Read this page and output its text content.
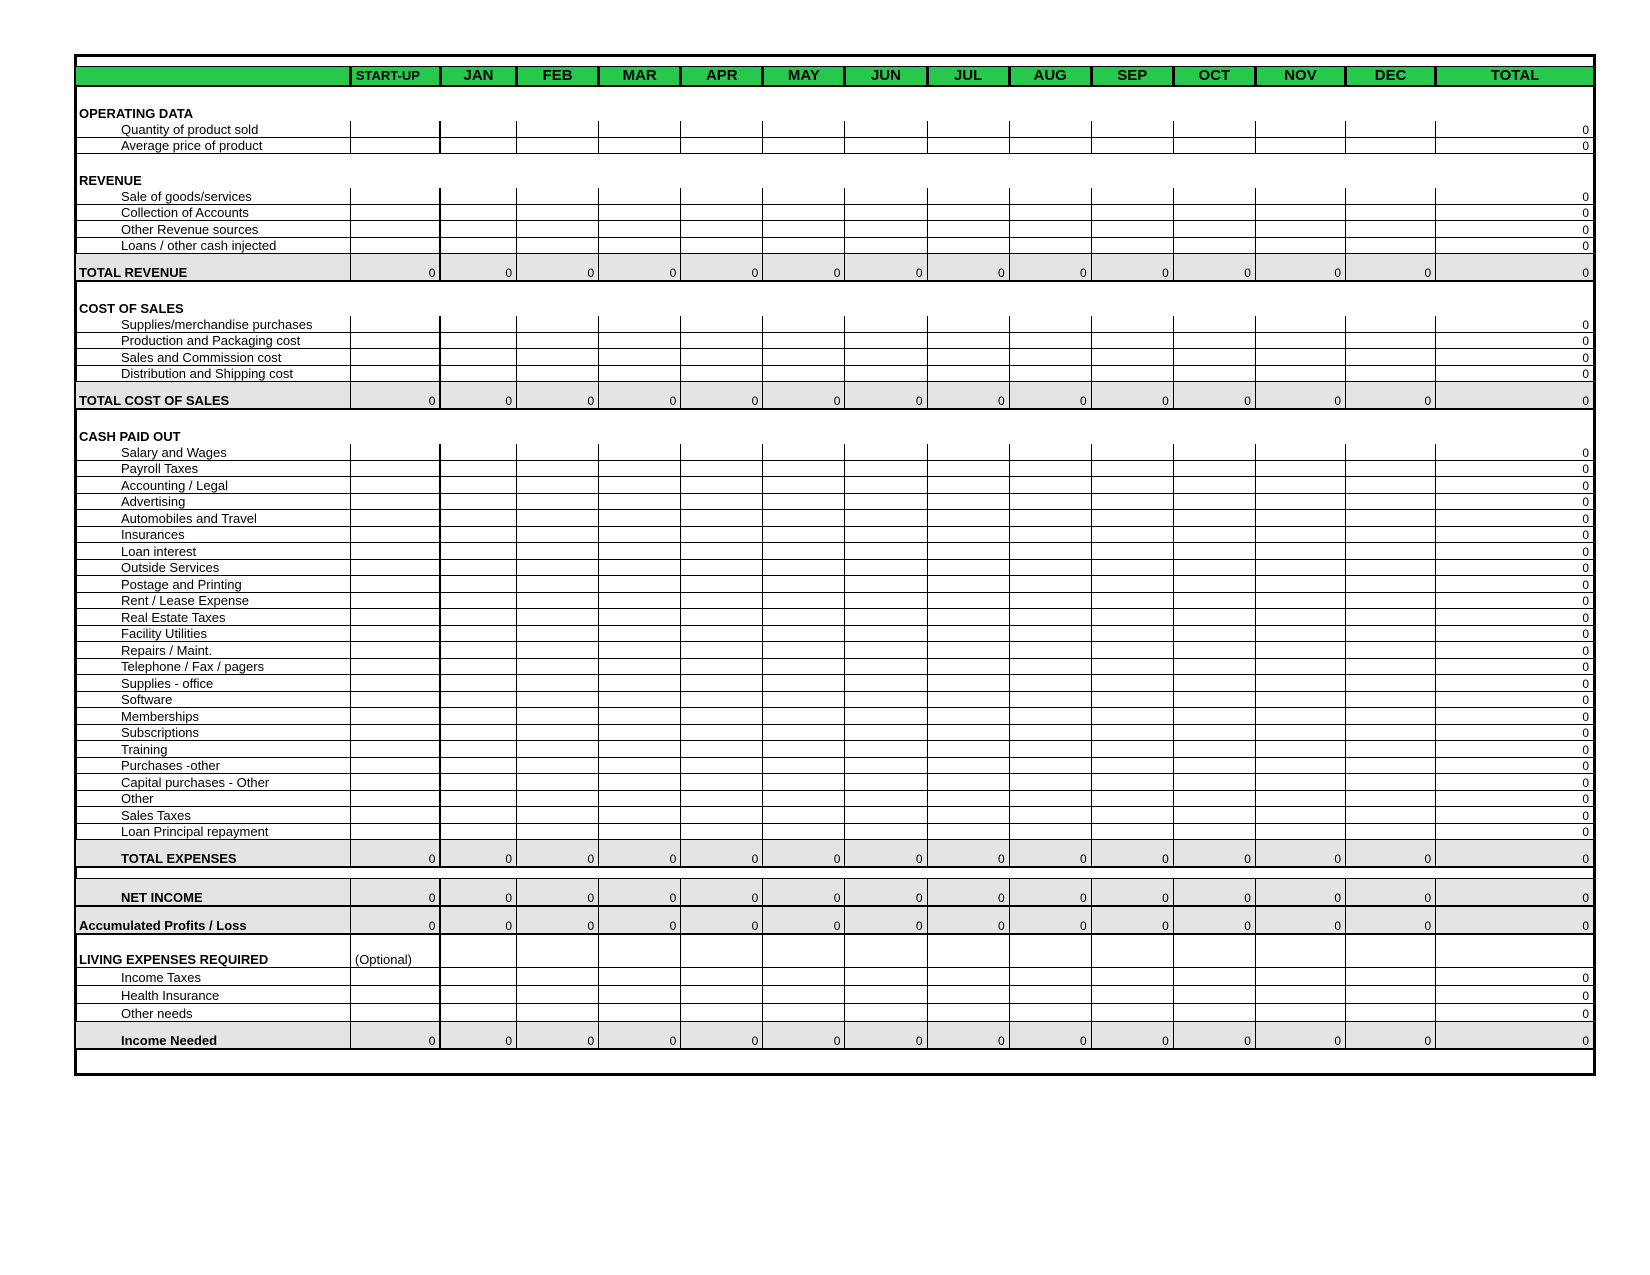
	START-UP	JAN	FEB	MAR	APR	MAY	JUN	JUL	AUG	SEP	OCT	NOV	DEC	TOTAL

OPERATING DATA														
Quantity of product sold														0
Average price of product														0

REVENUE														
Sale of goods/services														0
Collection of Accounts														0
Other Revenue sources														0
Loans / other cash injected														0
TOTAL REVENUE	0	0	0	0	0	0	0	0	0	0	0	0	0	0

COST OF SALES														
Supplies/merchandise purchases														0
Production and Packaging cost														0
Sales and Commission cost														0
Distribution and Shipping cost														0
TOTAL COST OF SALES	0	0	0	0	0	0	0	0	0	0	0	0	0	0

CASH PAID OUT														
Salary and Wages														0
Payroll Taxes														0
Accounting / Legal														0
Advertising														0
Automobiles and Travel														0
Insurances														0
Loan interest														0
Outside Services														0
Postage and Printing														0
Rent / Lease Expense														0
Real Estate Taxes														0
Facility Utilities														0
Repairs / Maint.														0
Telephone / Fax / pagers														0
Supplies - office														0
Software														0
Memberships														0
Subscriptions														0
Training														0
Purchases -other														0
Capital purchases - Other														0
Other														0
Sales Taxes														0
Loan Principal repayment														0
TOTAL EXPENSES	0	0	0	0	0	0	0	0	0	0	0	0	0	0

NET INCOME	0	0	0	0	0	0	0	0	0	0	0	0	0	0
Accumulated Profits / Loss	0	0	0	0	0	0	0	0	0	0	0	0	0	0
LIVING EXPENSES REQUIRED	(Optional)													
Income Taxes														0
Health Insurance														0
Other needs														0
Income Needed	0	0	0	0	0	0	0	0	0	0	0	0	0	0
